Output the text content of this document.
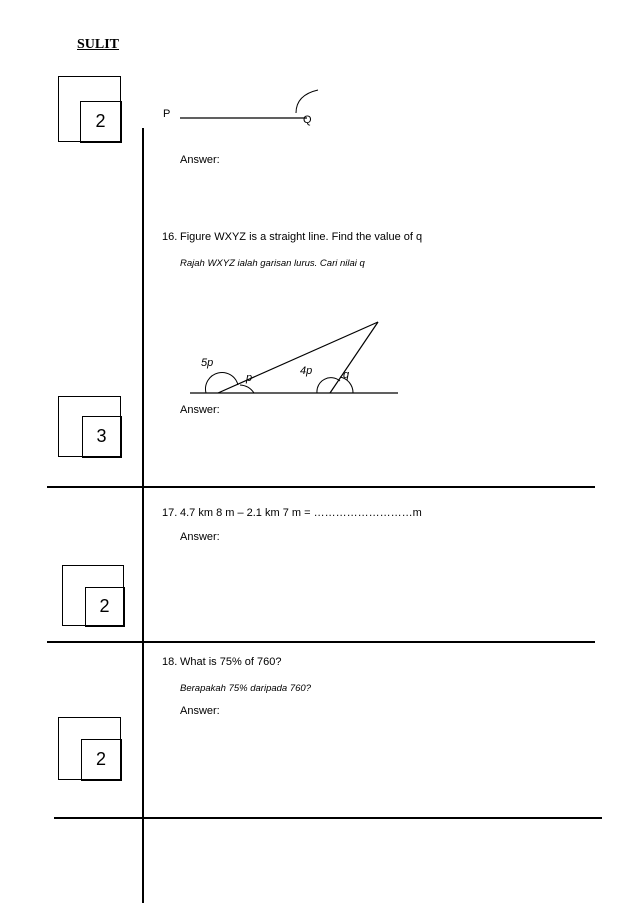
SULIT
2
3
2
2
P	Q
Answer:
16. Figure WXYZ is a straight line. Find the value of q
Rajah WXYZ ialah garisan lurus. Cari nilai q
5p
p
4p	q
Answer:
17. 4.7 km 8 m – 2.1 km 7 m = ………………………m
Answer:
18. What is 75% of 760?
Berapakah 75% daripada 760?
Answer:
